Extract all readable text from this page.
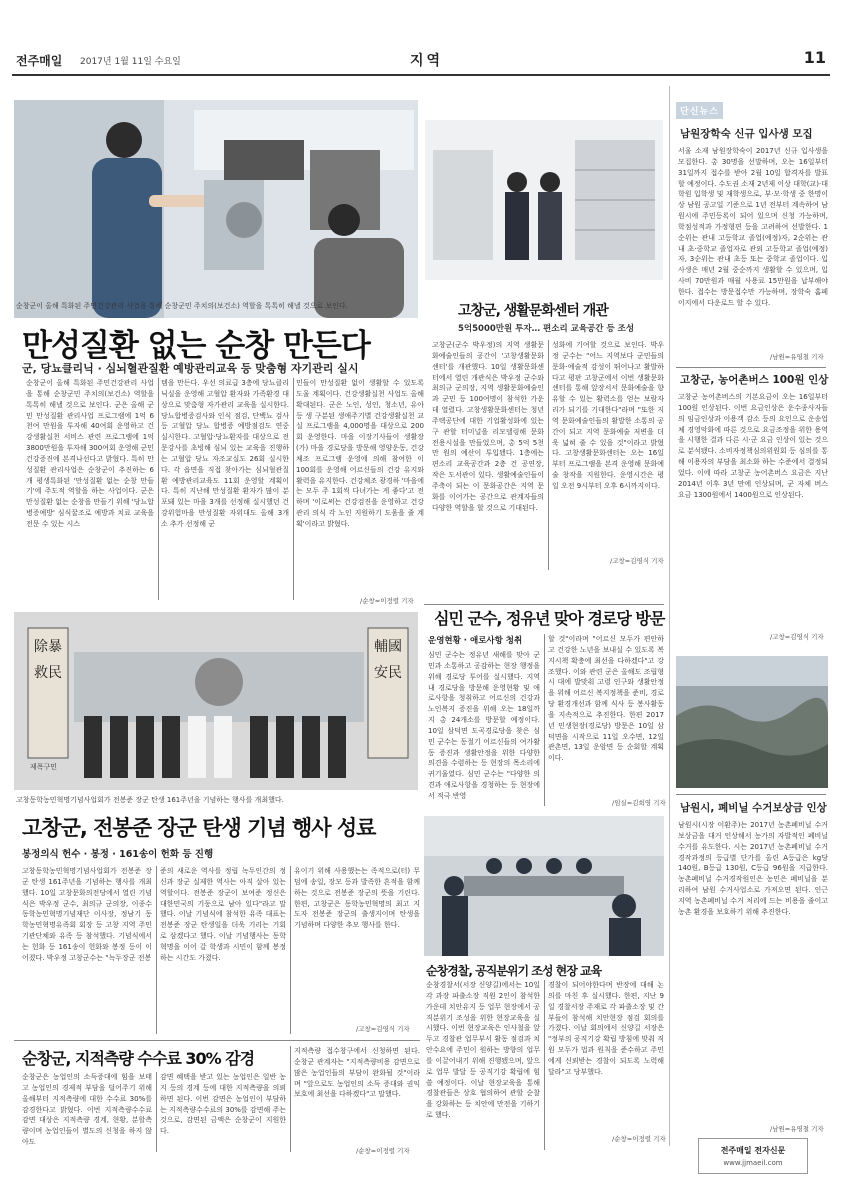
전주매일 2017년 1월 11일 수요일	지역	11
순창군이 올해 특화된 주민건강관리 사업을 통해 순창군민 주치의(보건소) 역할을 톡톡히 해낼 것으로 보인다.
만성질환 없는 순창 만든다
군, 당뇨클리닉 · 심뇌혈관질환 예방관리교육 등 맞춤형 자기관리 실시
순창군이 올해 특화된 주민건강관리 사업을 통해 순창군민 주치의(보건소) 역할을 톡톡히 해낼 것으로 보인다. 군은 올해 군민 만성질환 관리사업 프로그램에 1억 6천여 만원을 투자해 40여회 운영하고 건강생활실천 서비스 관련 프로그램에 1억 3800만원을 투자해 300여회 운영해 군민 건강증진에 본격나선다고 밝혔다. 특히 만성질환 관리사업은 순창군이 추진하는 6개 평생특화된 '만성질환 없는 순창 만들기'에 주도적 역할을 하는 사업이다. 군은 만성질환 없는 순창을 만들기 위해 '당뇨합병증예방' 심식꿀조로 예방과 치료 교육을 전문 수 있는 시스
템을 만든다. 우선 의료급 3층에 당뇨클리닉실을 운영해 고혈압 환자와 가족환경 대상으로 맞춤형 자가관리 교육을 실시한다. 당뇨합병증검사와 인식 점검, 단백뇨 검사 등 고혈압 당뇨 합병증 예방점검도 연중 실시한다. 고혈압·당뇨환자를 대상으로 전문강사를 초빙해 심뇌 있는 교육을 진행하는 고혈압 당뇨 자조교실도 26회 실시한다. 각 읍면을 직접 찾아가는 심뇌혈관질환 예방관리교육도 11회 운영할 계획이다. 특히 지난해 만성질환 환자가 많이 분포돼 있는 마을 3개를 선정해 실시했던 건강위험마을 만성질환 자위대도 올해 3개소 추가 선정해 군
민들이 만성질환 없이 생활할 수 있도록 도울 계획이다. 건강생활실천 사업도 올해 확대된다. 군은 노인, 성인, 청소년, 유아 등 생 구분된 생애주기별 건강생활실천 교실 프로그램을 4,000명을 대상으로 200회 운영한다. 마을 이장기사들이 생활장(가) 마을 경로당을 방문해 영양운동, 건강체조 프로그램 운영에 의해 참여한 이 100회를 운영해 어르신들의 건강 유지와 활력을 유지한다. 건강체조 광경하 '마을에는 모두 주 1회씩 다녀가는 게 좋다'고 전하며 '이로써는 건강검진을 운영하고 건강관리 의식 각 노인 지원하기 도움을 줄 계획'이라고 밝혔다.
/순창=이정렬 기자
고창군, 생활문화센터 개관
5억5000만원 투자… 편소리 교육공간 등 조성
고창군(군수 박우정)의 지역 생활문화예술인들의 공간이 '고창생활문화센터'를 개관했다. 10일 생활문화센터에서 열린 개관식은 박우정 군수와 최의규 군의장, 지역 생활문화예술인과 군민 등 100여명이 참석한 가운데 열렸다. 고창생활문화센터는 청년주택공단에 대한 기업활성화에 있는 구 관할 터미널을 리모델링해 문화 전용시설을 만들었으며, 총 5억 5천만 원의 예산이 투입됐다. 1층에는 편소리 교육공간과 2층 건 공연장, 작은 도서관이 있다. 생활예술인들이 주축이 되는 이 문화공간은 지역 문화를 이어가는 공간으로 관계자들의 다양한 역할을 할 것으로 기대된다.
성화에 기여할 것으로 보인다. 박우정 군수는 "어느 지역보다 군민들의 문화·예술적 감성이 뛰어나고 활발하다고 평판 고창군에서 이번 생활문화센터를 통해 앞장서서 문화예술을 향유할 수 있는 활력소를 얻는 보람자리가 되기를 기대한다"라며 "또한 지역 문화예술인들의 활발한 소통의 공간이 되고 지역 문화예술 저변을 더욱 넓혀 줄 수 있을 것"이라고 밝혔다. 고창생활문화센터는 오는 16일부터 프로그램을 본격 운영해 문화예술 창작을 지원한다. 운영시간은 평일 오전 9시부터 오후 6시까지이다.
/고창=김영식 기자
단신뉴스
남원장학숙 신규 입사생 모집
서울 소재 남원장학숙이 2017년 신규 입사생을 모집한다. 총 30명을 선발하며, 오는 16일부터 31일까지 접수를 받아 2월 10일 합격자를 발표할 예정이다. 수도권 소재 2년제 이상 대학(교)·대학원 입학생 및 재학생으로, 부·모·학생 중 한명이상 남원 공고일 기준으로 1년 전부터 계속하여 남원시에 주민등록이 되어 있으며 신청 가능하며, 학점성적과 가정형편 등을 고려하여 선발한다. 1순위는 관내 고등학교 졸업(예정)자, 2순위는 관내 초·중학교 졸업자로 관외 고등학교 졸업(예정)자, 3순위는 관내 초등 또는 중학교 졸업이다. 입사생은 매년 2월 중순까지 생활할 수 있으며, 입사비 70만원과 매월 사용료 15만원을 납부해야 한다. 접수는 방문접수만 가능하며, 장학숙 홈페이지에서 다운로드 할 수 있다.
/남원=유영철 기자
고창군, 농어촌버스 100원 인상
고창군 농어촌버스의 기본요금이 오는 16일부터 100원 인상된다. 이번 요금인상은 운수종사자들의 임금인상과 이용객 감소 등의 요인으로 운송업체 경영악화에 따른 것으로 요금조정을 위한 용역을 시행한 결과 다른 시·군 요금 인상이 있는 것으로 분석됐다. 소비자정책심의위원회 등 심의를 통해 이용자의 부담을 최소화 하는 수준에서 결정되었다. 이에 따라 고창군 농어촌버스 요금은 지난 2014년 이후 3년 만에 인상되며, 군 자체 버스 요금 1300원에서 1400원으로 인상된다.
/고창=김영식 기자
남원시, 폐비닐 수거보상금 인상
남원시(시장 이환주)는 2017년 농촌폐비닐 수거보상금을 대거 인상해서 농가의 자발적인 폐비닐 수거를 유도한다. 시는 2017년 농촌폐비닐 수거 경작과정의 등급별 단가를 올린 A등급은 kg당 140원, B등급 130원, C등급 96원을 지급한다. 농촌폐비닐 수거경작원인은 농민은 폐비닐을 분리하여 남원 수거사업소로 가져오면 된다. 인근 지역 농촌폐비닐 수거 처리에 드는 비용을 줄이고 농촌 환경을 보호하기 위해 추진한다.
/남원=유영철 기자
전주매일 전자신문
www.jjmaeil.com
除暴救民
輔國安民
제폭구민
고창동학농민혁명기념사업회가 전봉준 장군 탄생 161주년을 기념하는 행사를 개최했다.
고창군, 전봉준 장군 탄생 기념 행사 성료
봉정의식 헌수 · 봉정 · 161송이 헌화 등 진행
고창동학농민혁명기념사업회가 전봉준 장군 탄생 161주년을 기념하는 행사를 개최했다. 10일 고창문화의전당에서 열린 기념식은 박우정 군수, 최의규 군의장, 이종수 동학농민혁명기념재단 이사장, 정남기 동학농민혁명유족회 회장 등 고창 지역 주민 기관단체와 유족 등 참석했다. 기념식에서는 헌화 등 161송이 헌화와 봉정 등이 이어졌다. 박우정 고창군수는 "녹두장군 전봉
준의 새로운 역사를 정립 녹두인간의 정신과 장군 실제한 역사는 아직 살아 있는 역할이다. 전봉준 장군이 보여준 정신은 대한민국의 기둥으로 남아 있다"라고 말했다. 이날 기념식에 참석한 유족 대표는 전봉준 장군 탄생일을 더욱 기리는 기회로 삼겠다고 했다. 이날 기념행사는 동학혁명을 이어 갈 학생과 시민이 함께 봉정하는 시간도 가졌다.
유이기 위해 사용했는는 족적으로(터) 무덤에 송일, 장모 등과 발족한 흔적을 함께하는 것으로 전봉준 장군의 뜻을 기린다. 한편, 고창군은 동학농민혁명의 최고 지도자 전봉준 장군의 출생지이며 탄생을 기념하며 다양한 추모 행사를 한다.
/고창=김영식 기자
심민 군수, 정유년 맞아 경로당 방문
운영현황 · 애로사항 청취
심민 군수는 정유년 새해를 맞아 군민과 소통하고 공감하는 현장 행정을 위해 경로당 투어를 실시했다. 지역내 경로당을 방문해 운영현황 및 애로사항을 청취하고 어르신의 건강과 노인복지 증진을 위해 오는 18일까지 총 24개소를 방문할 예정이다. 10일 삼덕면 도곡경로당을 찾은 심민 군수는 동절기 어르신들의 여가활동 증진과 생활안정을 위한 다양한 의견을 수렴하는 등 현장의 목소리에 귀기울였다. 심민 군수는 "다양한 의견과 애로사항을 경청하는 등 현장에서 적극 반영
할 것"이라며 "어르신 모두가 편안하고 건강한 노년을 보내실 수 있도록 복지시책 확충에 최선을 다하겠다"고 강조했다. 이와 관련 군은 올해도 조립형 시 대에 발맞춰 고령 인구와 생활안정을 위해 어르신 복지정책을 준비, 경로당 환경개선과 함께 식사 등 봉사활동을 지속적으로 추진한다. 한편 2017년 민생현장(경로당) 방문은 10일 삼덕면을 시작으로 11일 오수면, 12일 관촌면, 13일 운암면 등 순회할 계획이다.
/임실=김희영 기자
순창경찰, 공직분위기 조성 현장 교육
순창경찰서(서장 신양길)에서는 10일 각 과장 파출소장 직원 2인이 참석한 가운데 치안유지 등 업무 현장에서 공직분위기 조성을 위한 현장교육을 실시했다. 이번 현장교육은 인사철을 앞두고 경찰관 업무부서 활동 점검과 치안수요에 주민이 원하는 방향의 업무를 이끌어내기 위해 진행됐으며, 앞으로 업무 발달 등 공직기강 확립에 힘쓸 예정이다. 이날 현장교육을 통해 경찰관들은 상호 협의하여 관할 순찰을 강화하는 등 치안에 만전을 기하기로 했다.
경찰이 되어야한다며 반장에 대해 논의를 마친 후 실시했다. 한편, 지난 9일 경찰서장 주재로 각 파출소장 및 간부들이 참석해 치안현장 점검 회의를 가졌다. 이날 회의에서 신양길 서장은 "정부의 공직기강 확립 방침에 맞춰 직원 모두가 법과 원칙을 준수하고 주민에게 신뢰받는 경찰이 되도록 노력해 달라"고 당부했다.
/순창=이정렬 기자
순창군, 지적측량 수수료 30% 감경
순창군은 농업인의 소득증대에 힘을 보태고 농업인의 경제적 부담을 덜어주기 위해 올해부터 지적측량에 대한 수수료 30%를 감경한다고 밝혔다. 이번 지적측량수수료 감면 대상은 지적측량 경계, 현황, 분할측량이며 농업인들이 별도의 신청을 하지 않아도
감면 혜택을 받고 있는 농업인은 일반 농지 등의 경계 등에 대한 지적측량을 의뢰하면 된다. 이번 감면은 농업인이 부담하는 지적측량수수료의 30%를 감면해 주는 것으로, 감면된 금액은 순창군이 지원한다.
지적측량 접수창구에서 신청하면 된다. 순창군 관계자는 "지적측량비용 감면으로 많은 농업인들의 부담이 완화될 것"이라며 "앞으로도 농업인의 소득 증대와 권익보호에 최선을 다하겠다"고 말했다.
/순창=이정렬 기자
